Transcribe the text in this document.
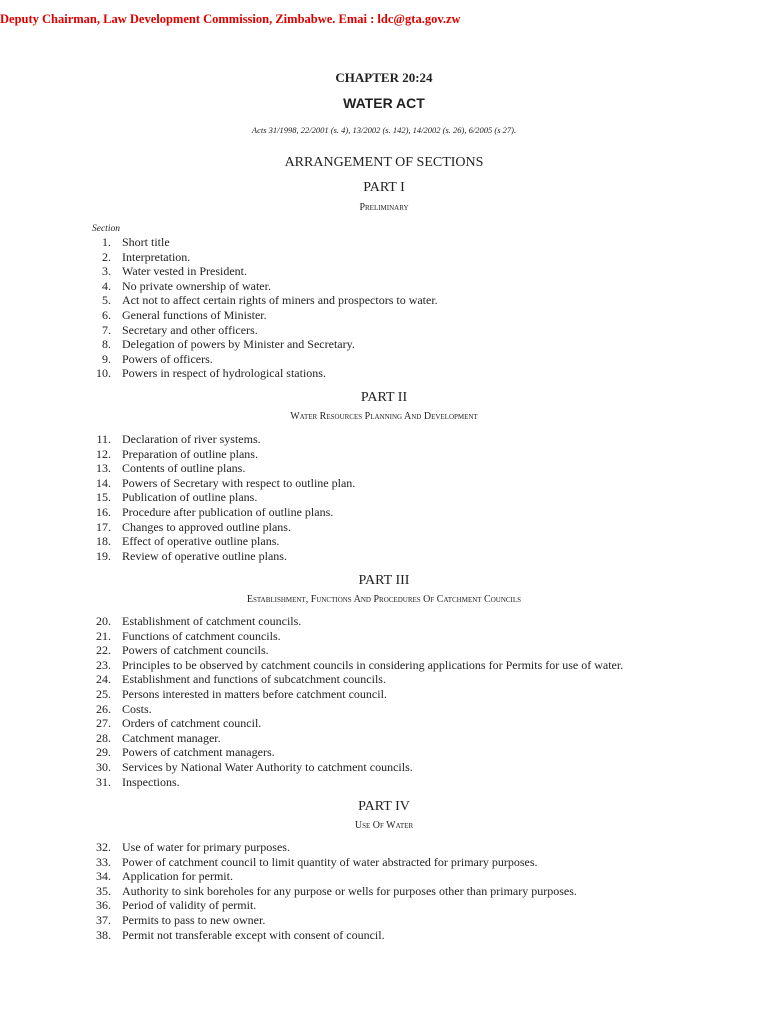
Deputy Chairman, Law Development Commission, Zimbabwe. Emai : ldc@gta.gov.zw
CHAPTER 20:24
WATER ACT
Acts 31/1998, 22/2001 (s. 4), 13/2002 (s. 142), 14/2002 (s. 26), 6/2005 (s 27).
ARRANGEMENT OF SECTIONS
PART I
Preliminary
Section
1. Short title
2. Interpretation.
3. Water vested in President.
4. No private ownership of water.
5. Act not to affect certain rights of miners and prospectors to water.
6. General functions of Minister.
7. Secretary and other officers.
8. Delegation of powers by Minister and Secretary.
9. Powers of officers.
10. Powers in respect of hydrological stations.
PART II
Water Resources Planning And Development
11. Declaration of river systems.
12. Preparation of outline plans.
13. Contents of outline plans.
14. Powers of Secretary with respect to outline plan.
15. Publication of outline plans.
16. Procedure after publication of outline plans.
17. Changes to approved outline plans.
18. Effect of operative outline plans.
19. Review of operative outline plans.
PART III
Establishment, Functions And Procedures Of Catchment Councils
20. Establishment of catchment councils.
21. Functions of catchment councils.
22. Powers of catchment councils.
23. Principles to be observed by catchment councils in considering applications for Permits for use of water.
24. Establishment and functions of subcatchment councils.
25. Persons interested in matters before catchment council.
26. Costs.
27. Orders of catchment council.
28. Catchment manager.
29. Powers of catchment managers.
30. Services by National Water Authority to catchment councils.
31. Inspections.
PART IV
Use Of Water
32. Use of water for primary purposes.
33. Power of catchment council to limit quantity of water abstracted for primary purposes.
34. Application for permit.
35. Authority to sink boreholes for any purpose or wells for purposes other than primary purposes.
36. Period of validity of permit.
37. Permits to pass to new owner.
38. Permit not transferable except with consent of council.
